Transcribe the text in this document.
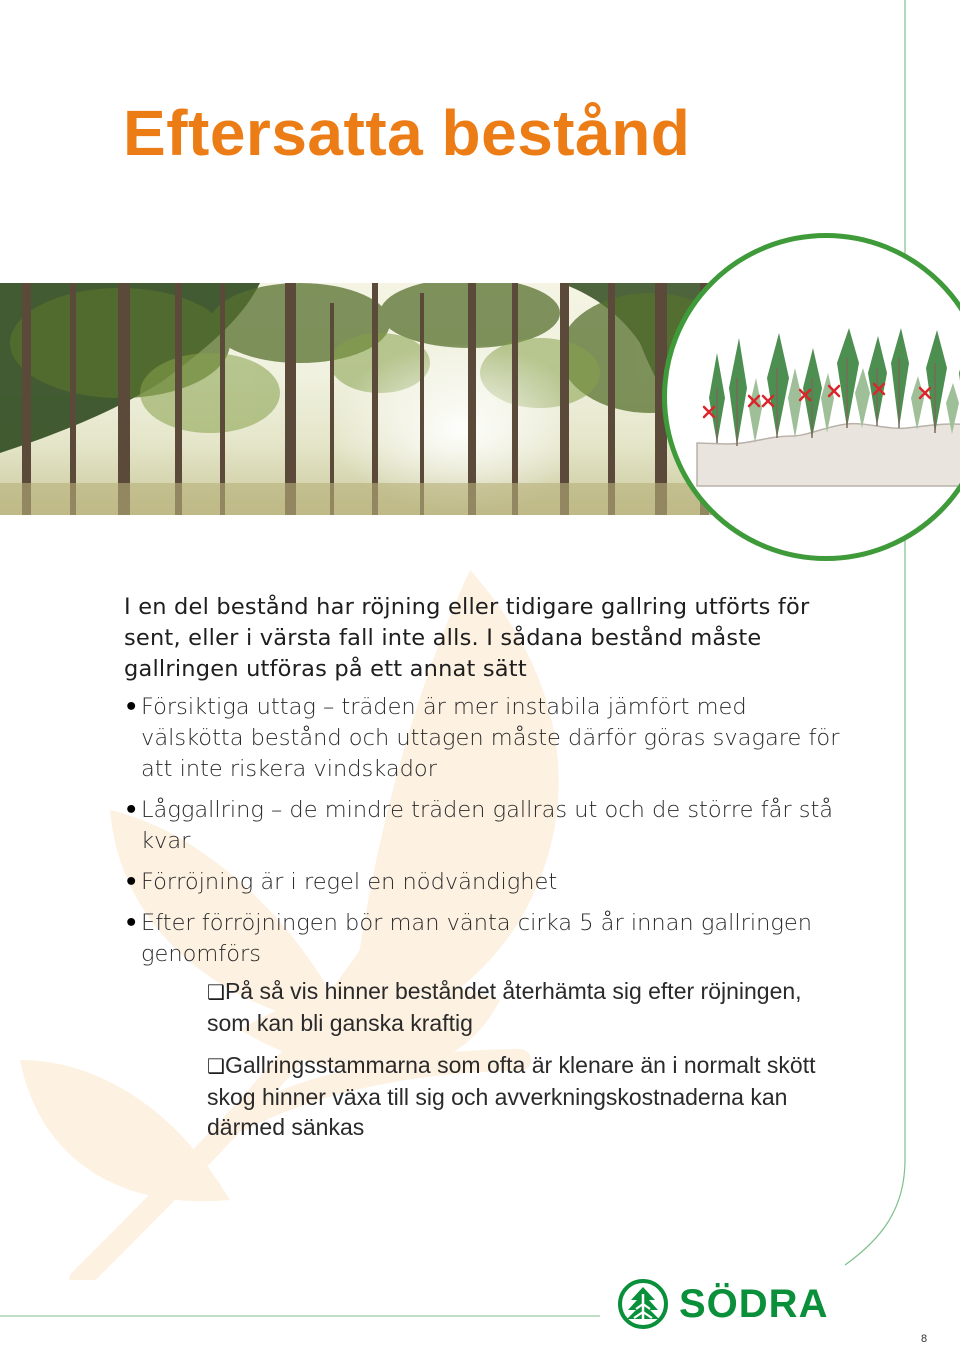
Eftersatta bestånd

I en del bestånd har röjning eller tidigare gallring utförts för sent, eller i värsta fall inte alls. I sådana bestånd måste gallringen utföras på ett annat sätt

• Försiktiga uttag – träden är mer instabila jämfört med välskötta bestånd och uttagen måste därför göras svagare för att inte riskera vindskador
• Låggallring – de mindre träden gallras ut och de större får stå kvar
• Förröjning är i regel en nödvändighet
• Efter förröjningen bör man vänta cirka 5 år innan gallringen genomförs
❑På så vis hinner beståndet återhämta sig efter röjningen, som kan bli ganska kraftig
❑Gallringsstammarna som ofta är klenare än i normalt skött skog hinner växa till sig och avverkningskostnaderna kan därmed sänkas
SÖDRA
8
